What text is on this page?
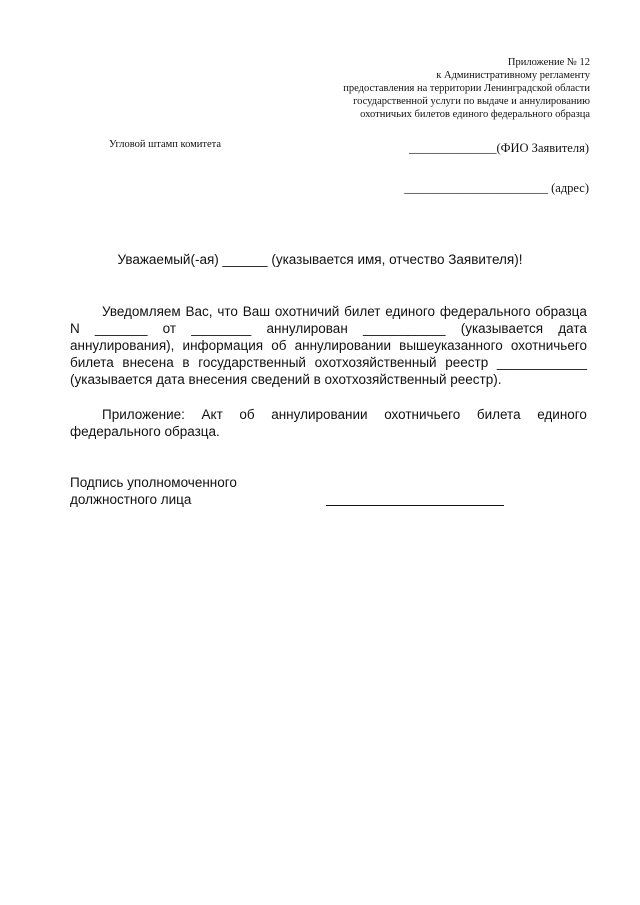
Приложение № 12
к Административному регламенту
предоставления на территории Ленинградской области
государственной услуги по выдаче и аннулированию
охотничьих билетов единого федерального образца
Угловой штамп комитета	______________(ФИО Заявителя)
_______________________ (адрес)
Уважаемый(-ая) ______ (указывается имя, отчество Заявителя)!
Уведомляем Вас, что Ваш охотничий билет единого федерального образца
N _______ от ________ аннулирован ___________ (указывается дата
аннулирования), информация об аннулировании вышеуказанного охотничьего
билета внесена в государственный охотхозяйственный реестр ____________
(указывается дата внесения сведений в охотхозяйственный реестр).
Приложение: Акт об аннулировании охотничьего билета единого
федерального образца.
Подпись уполномоченного
должностного лица
